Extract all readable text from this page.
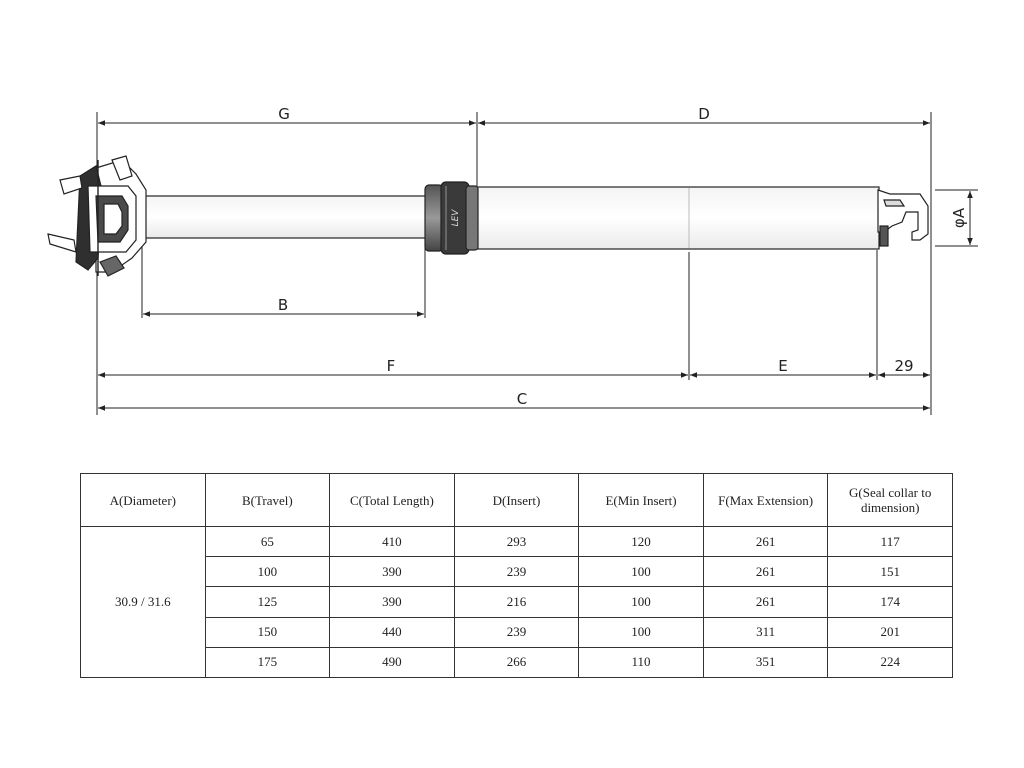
G	D
B
F	E	29
C
φA
LEV
A(Diameter)	B(Travel)	C(Total Length)	D(Insert)	E(Min Insert)	F(Max Extension)	G(Seal collar to dimension)
30.9 / 31.6	65	410	293	120	261	117
	100	390	239	100	261	151
	125	390	216	100	261	174
	150	440	239	100	311	201
	175	490	266	110	351	224
